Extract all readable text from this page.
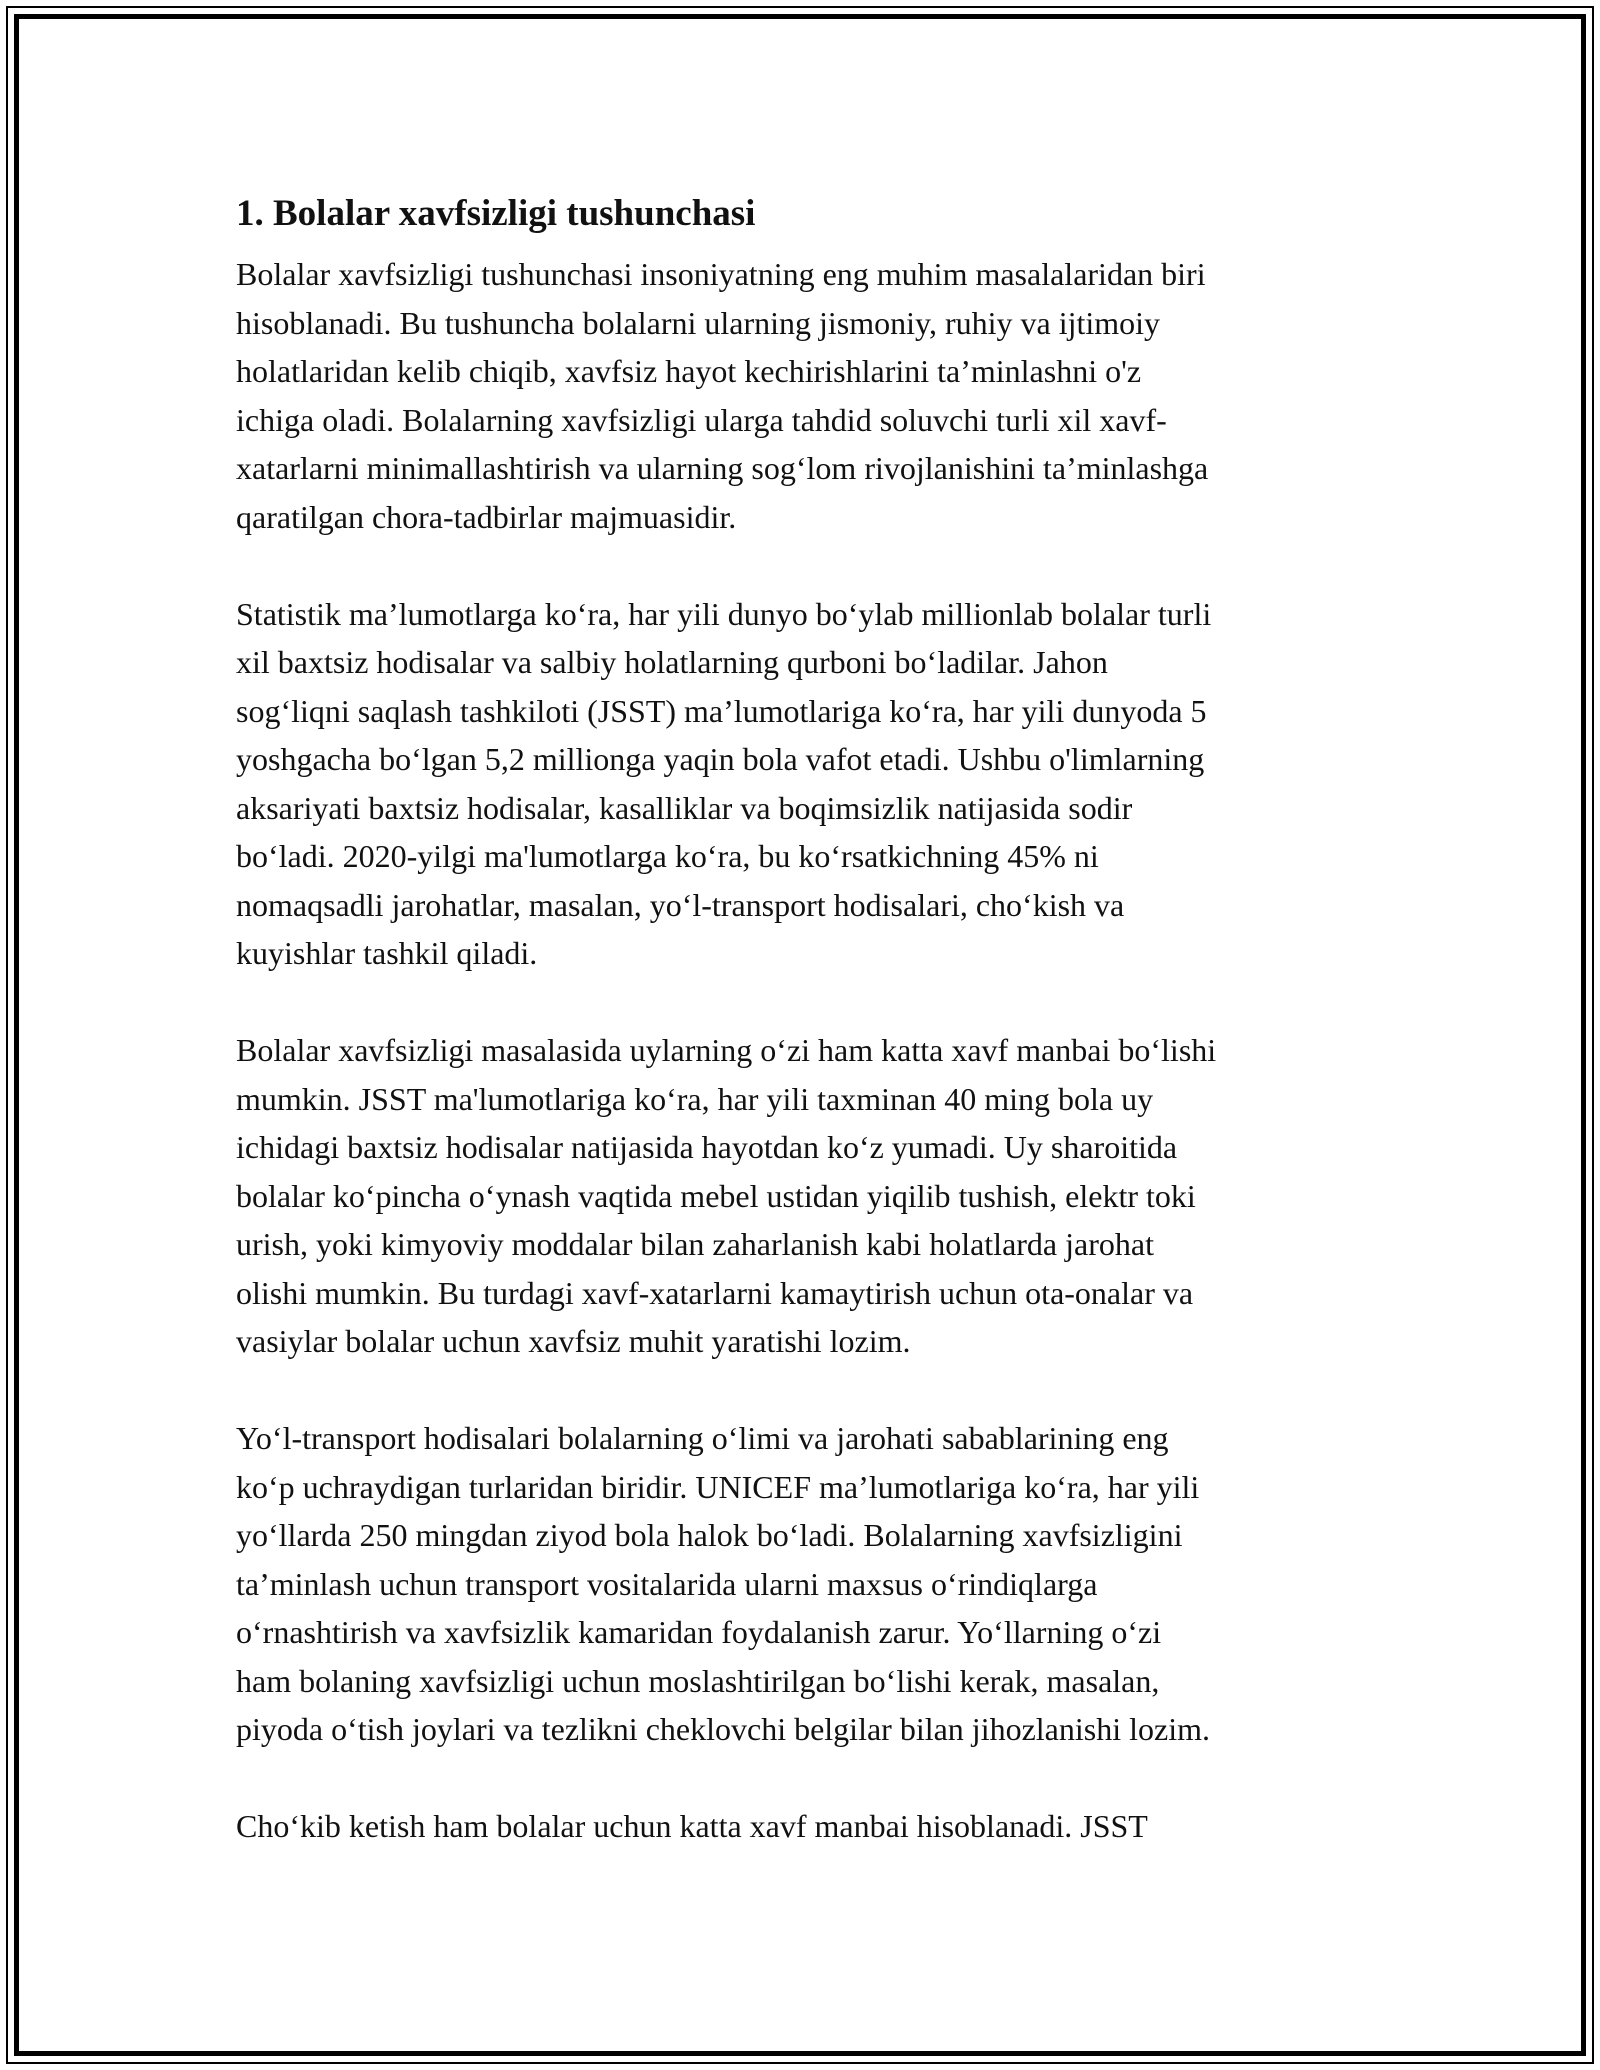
1. Bolalar xavfsizligi tushunchasi

Bolalar xavfsizligi tushunchasi insoniyatning eng muhim masalalaridan biri
hisoblanadi. Bu tushuncha bolalarni ularning jismoniy, ruhiy va ijtimoiy
holatlaridan kelib chiqib, xavfsiz hayot kechirishlarini ta’minlashni o'z
ichiga oladi. Bolalarning xavfsizligi ularga tahdid soluvchi turli xil xavf-
xatarlarni minimallashtirish va ularning sog‘lom rivojlanishini ta’minlashga
qaratilgan chora-tadbirlar majmuasidir.

Statistik ma’lumotlarga ko‘ra, har yili dunyo bo‘ylab millionlab bolalar turli
xil baxtsiz hodisalar va salbiy holatlarning qurboni bo‘ladilar. Jahon
sog‘liqni saqlash tashkiloti (JSST) ma’lumotlariga ko‘ra, har yili dunyoda 5
yoshgacha bo‘lgan 5,2 millionga yaqin bola vafot etadi. Ushbu o'limlarning
aksariyati baxtsiz hodisalar, kasalliklar va boqimsizlik natijasida sodir
bo‘ladi. 2020-yilgi ma'lumotlarga ko‘ra, bu ko‘rsatkichning 45% ni
nomaqsadli jarohatlar, masalan, yo‘l-transport hodisalari, cho‘kish va
kuyishlar tashkil qiladi.

Bolalar xavfsizligi masalasida uylarning o‘zi ham katta xavf manbai bo‘lishi
mumkin. JSST ma'lumotlariga ko‘ra, har yili taxminan 40 ming bola uy
ichidagi baxtsiz hodisalar natijasida hayotdan ko‘z yumadi. Uy sharoitida
bolalar ko‘pincha o‘ynash vaqtida mebel ustidan yiqilib tushish, elektr toki
urish, yoki kimyoviy moddalar bilan zaharlanish kabi holatlarda jarohat
olishi mumkin. Bu turdagi xavf-xatarlarni kamaytirish uchun ota-onalar va
vasiylar bolalar uchun xavfsiz muhit yaratishi lozim.

Yo‘l-transport hodisalari bolalarning o‘limi va jarohati sabablarining eng
ko‘p uchraydigan turlaridan biridir. UNICEF ma’lumotlariga ko‘ra, har yili
yo‘llarda 250 mingdan ziyod bola halok bo‘ladi. Bolalarning xavfsizligini
ta’minlash uchun transport vositalarida ularni maxsus o‘rindiqlarga
o‘rnashtirish va xavfsizlik kamaridan foydalanish zarur. Yo‘llarning o‘zi
ham bolaning xavfsizligi uchun moslashtirilgan bo‘lishi kerak, masalan,
piyoda o‘tish joylari va tezlikni cheklovchi belgilar bilan jihozlanishi lozim.

Cho‘kib ketish ham bolalar uchun katta xavf manbai hisoblanadi. JSST
